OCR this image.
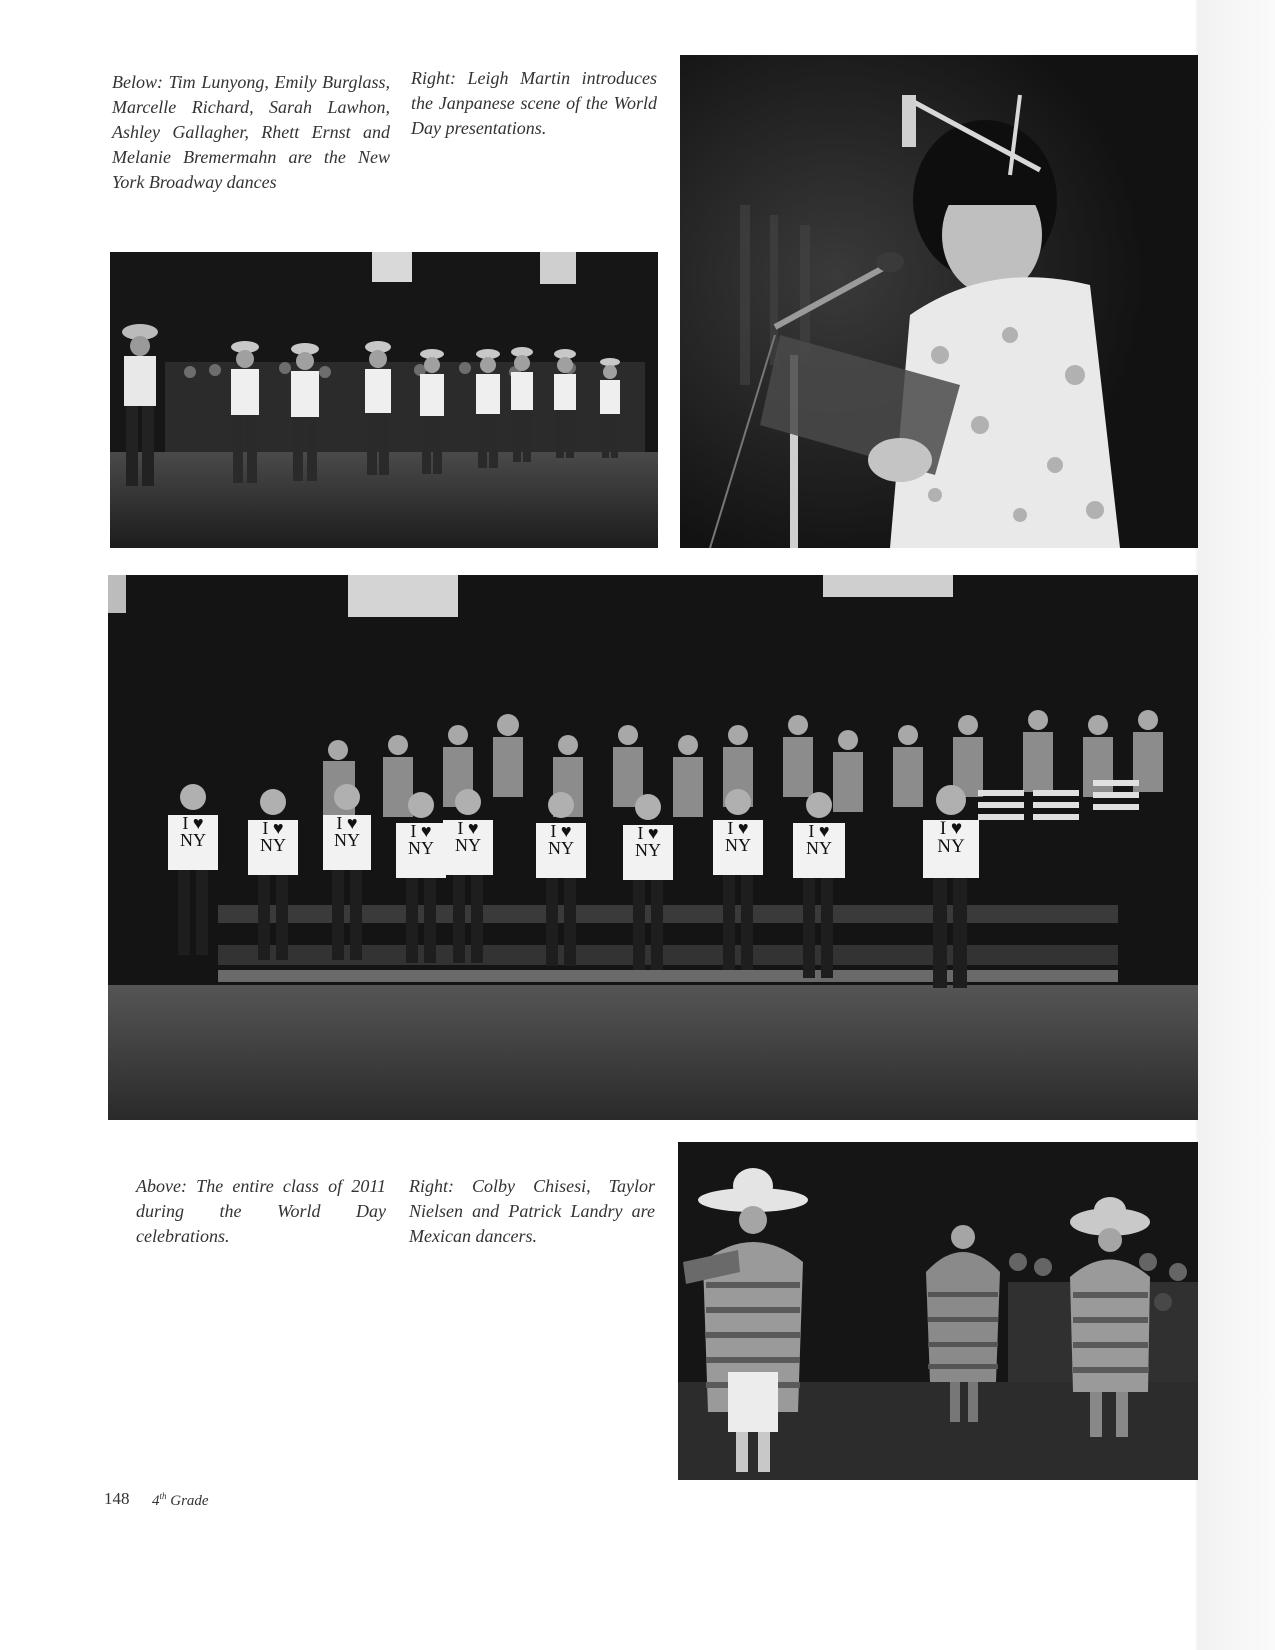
Below: Tim Lunyong, Emily Burglass, Marcelle Richard, Sarah Lawhon, Ashley Gallagher, Rhett Ernst and Melanie Bremermahn are the New York Broadway dances

Right: Leigh Martin introduces the Janpanese scene of the World Day presentations.

Above: The entire class of 2011 during the World Day celebrations.

Right: Colby Chisesi, Taylor Nielsen and Patrick Landry are Mexican dancers.

I ♥
NY
I ♥
NY
I ♥
NY	I ♥
NY
I ♥
NY
I ♥
NY
I ♥
NY
I ♥
NY
I ♥
NY
I ♥
NY
148 4th Grade
